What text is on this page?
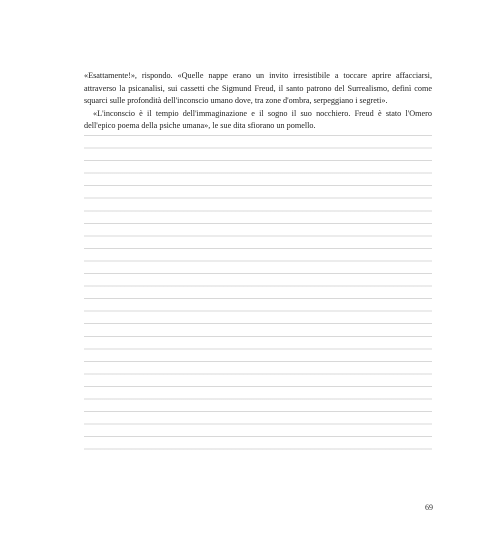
«Esattamente!», rispondo. «Quelle nappe erano un invito irresistibile a toccare aprire affacciarsi, attraverso la psicanalisi, sui cassetti che Sigmund Freud, il santo patrono del Surrealismo, definì come squarci sulle profondità dell'inconscio umano dove, tra zone d'ombra, serpeggiano i segreti».

«L'inconscio è il tempio dell'immaginazione e il sogno il suo nocchiero. Freud è stato l'Omero dell'epico poema della psiche umana», le sue dita sfiorano un pomello.

69
